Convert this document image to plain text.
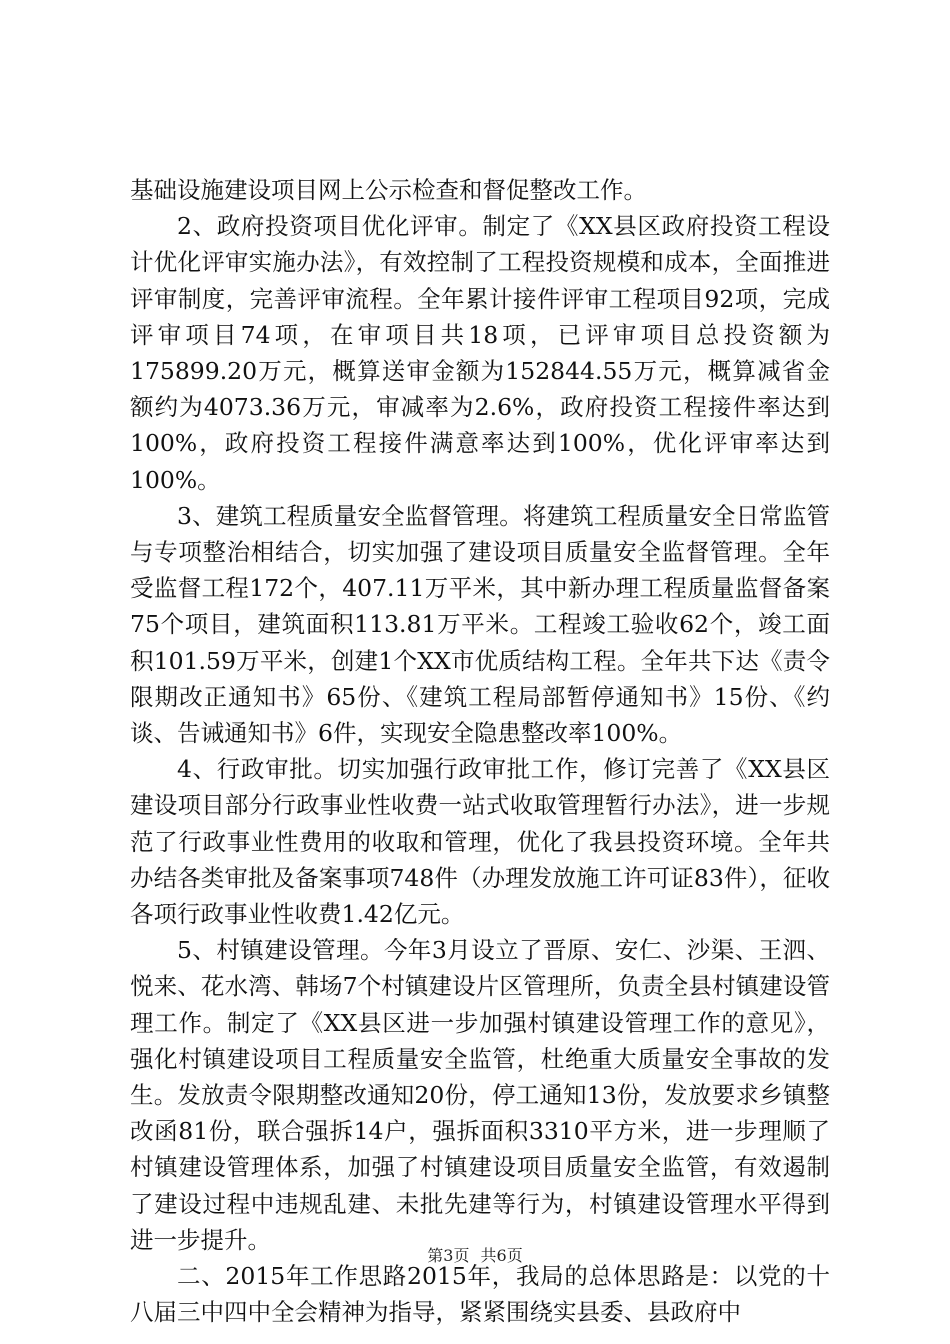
基础设施建设项目网上公示检查和督促整改工作。

2、政府投资项目优化评审。制定了《XX县区政府投资工程设计优化评审实施办法》，有效控制了工程投资规模和成本，全面推进评审制度，完善评审流程。全年累计接件评审工程项目92项，完成评审项目74项，在审项目共18项，已评审项目总投资额为175899.20万元，概算送审金额为152844.55万元，概算减省金额约为4073.36万元，审减率为2.6%，政府投资工程接件率达到100%，政府投资工程接件满意率达到100%，优化评审率达到100%。

3、建筑工程质量安全监督管理。将建筑工程质量安全日常监管与专项整治相结合，切实加强了建设项目质量安全监督管理。全年受监督工程172个，407.11万平米，其中新办理工程质量监督备案75个项目，建筑面积113.81万平米。工程竣工验收62个，竣工面积101.59万平米，创建1个XX市优质结构工程。全年共下达《责令限期改正通知书》65份、《建筑工程局部暂停通知书》15份、《约谈、告诫通知书》6件，实现安全隐患整改率100%。

4、行政审批。切实加强行政审批工作，修订完善了《XX县区建设项目部分行政事业性收费一站式收取管理暂行办法》，进一步规范了行政事业性费用的收取和管理，优化了我县投资环境。全年共办结各类审批及备案事项748件（办理发放施工许可证83件），征收各项行政事业性收费1.42亿元。

5、村镇建设管理。今年3月设立了晋原、安仁、沙渠、王泗、悦来、花水湾、韩场7个村镇建设片区管理所，负责全县村镇建设管理工作。制定了《XX县区进一步加强村镇建设管理工作的意见》，强化村镇建设项目工程质量安全监管，杜绝重大质量安全事故的发生。发放责令限期整改通知20份，停工通知13份，发放要求乡镇整改函81份，联合强拆14户，强拆面积3310平方米，进一步理顺了村镇建设管理体系，加强了村镇建设项目质量安全监管，有效遏制了建设过程中违规乱建、未批先建等行为，村镇建设管理水平得到进一步提升。

二、2015年工作思路2015年，我局的总体思路是：以党的十八届三中四中全会精神为指导，紧紧围绕实县委、县政府中

第3页 共6页
